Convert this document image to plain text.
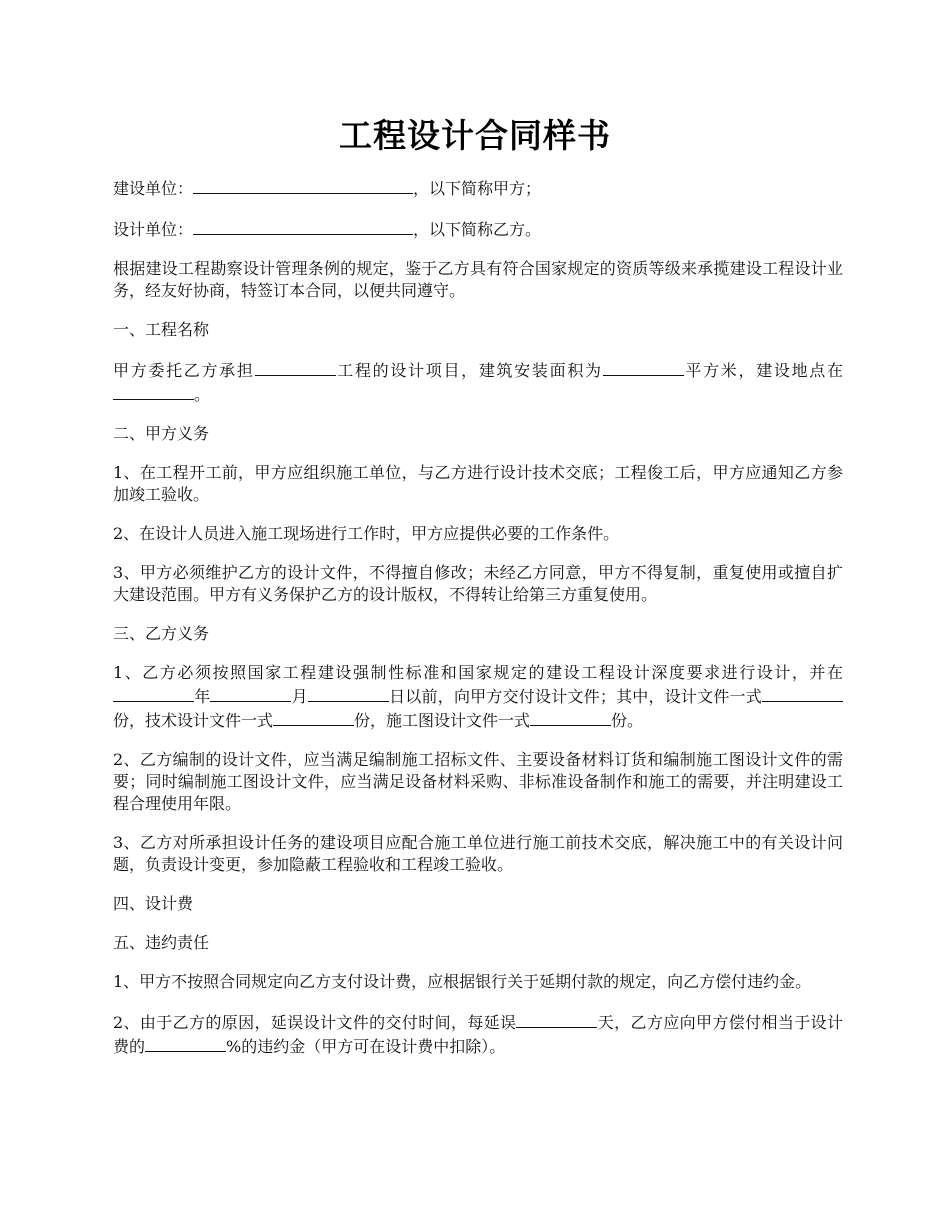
工程设计合同样书

建设单位：	，以下简称甲方；

设计单位：	，以下简称乙方。

根据建设工程勘察设计管理条例的规定，鉴于乙方具有符合国家规定的资质等级来承揽建设工程设计业务，经友好协商，特签订本合同，以便共同遵守。

一、工程名称

甲方委托乙方承担	工程的设计项目，建筑安装面积为	平方米，建设地点在。

二、甲方义务

1、在工程开工前，甲方应组织施工单位，与乙方进行设计技术交底；工程俊工后，甲方应通知乙方参加竣工验收。

2、在设计人员进入施工现场进行工作时，甲方应提供必要的工作条件。

3、甲方必须维护乙方的设计文件，不得擅自修改；未经乙方同意，甲方不得复制，重复使用或擅自扩大建设范围。甲方有义务保护乙方的设计版权，不得转让给第三方重复使用。

三、乙方义务

1、乙方必须按照国家工程建设强制性标准和国家规定的建设工程设计深度要求进行设计，并在年	月	日以前，向甲方交付设计文件；其中，设计文件一式份，技术设计文件一式	份，施工图设计文件一式	份。

2、乙方编制的设计文件，应当满足编制施工招标文件、主要设备材料订货和编制施工图设计文件的需要；同时编制施工图设计文件，应当满足设备材料采购、非标准设备制作和施工的需要，并注明建设工程合理使用年限。

3、乙方对所承担设计任务的建设项目应配合施工单位进行施工前技术交底，解决施工中的有关设计问题，负责设计变更，参加隐蔽工程验收和工程竣工验收。

四、设计费

五、违约责任

1、甲方不按照合同规定向乙方支付设计费，应根据银行关于延期付款的规定，向乙方偿付违约金。

2、由于乙方的原因，延误设计文件的交付时间，每延误	天，乙方应向甲方偿付相当于设计费的	%的违约金（甲方可在设计费中扣除）。
